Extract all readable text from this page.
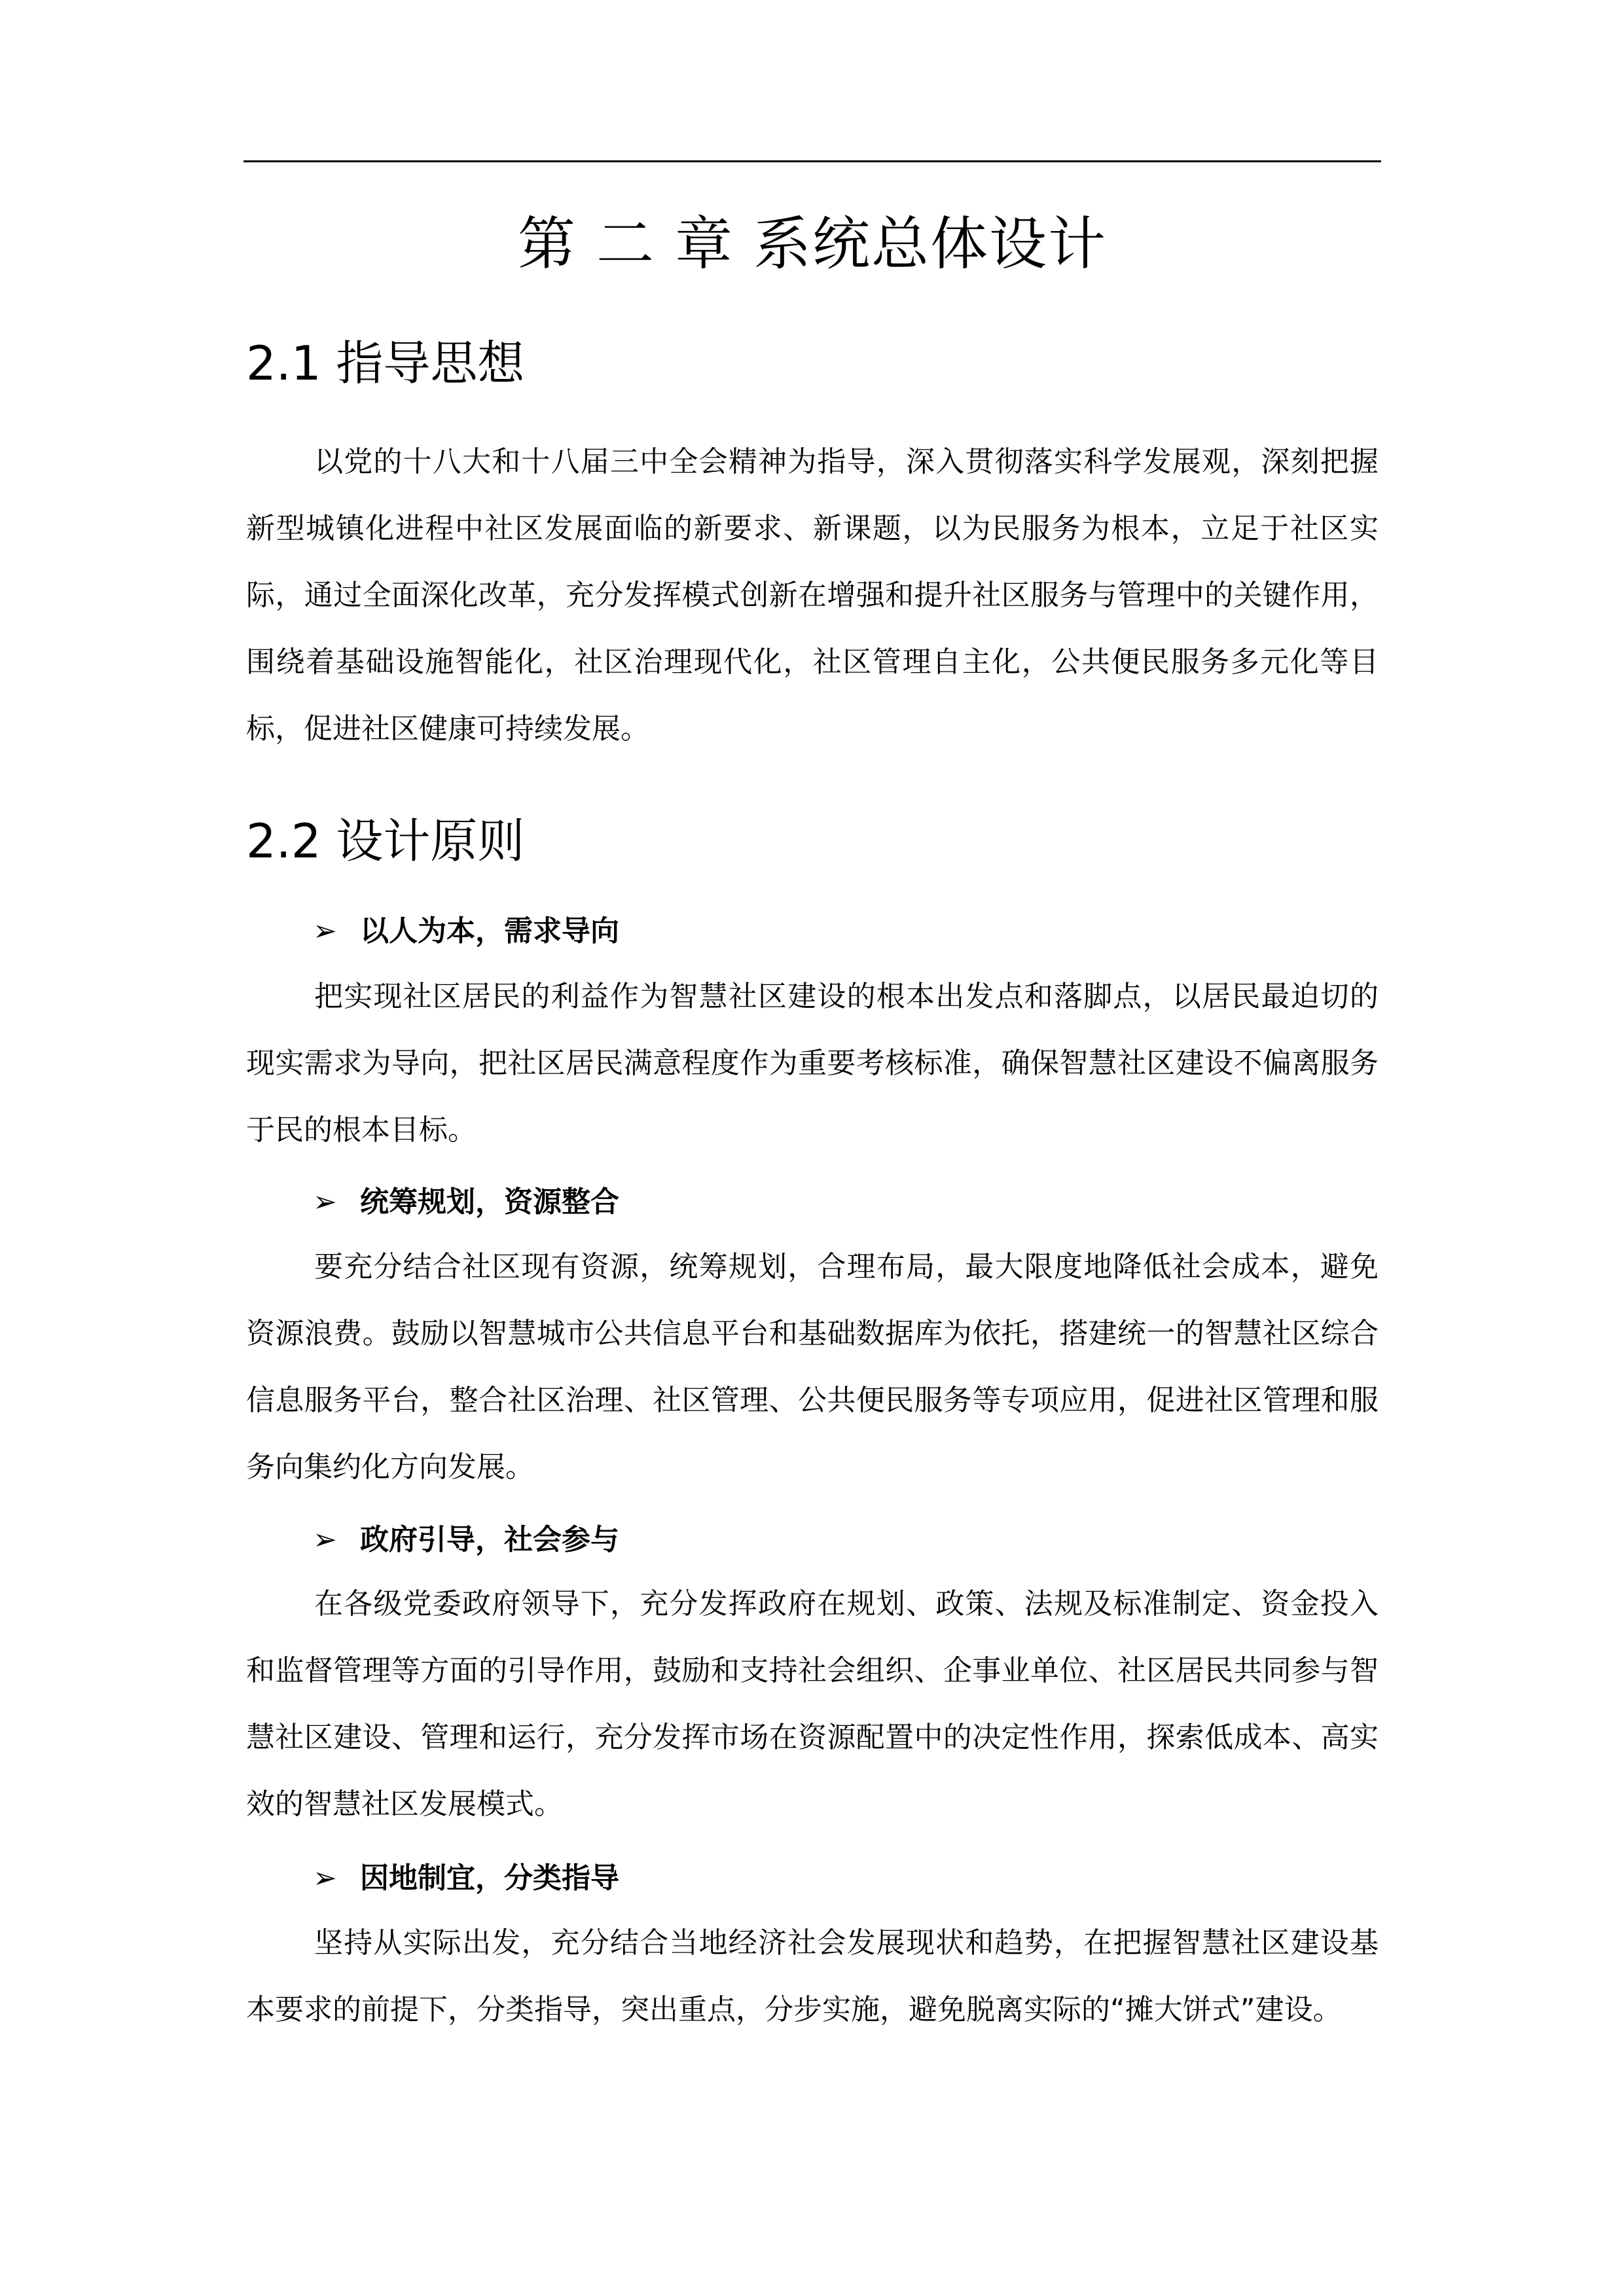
第 二 章 系统总体设计
2.1 指导思想

以党的十八大和十八届三中全会精神为指导，深入贯彻落实科学发展观，深刻把握新型城镇化进程中社区发展面临的新要求、新课题，以为民服务为根本，立足于社区实际，通过全面深化改革，充分发挥模式创新在增强和提升社区服务与管理中的关键作用，围绕着基础设施智能化，社区治理现代化，社区管理自主化，公共便民服务多元化等目标，促进社区健康可持续发展。

2.2 设计原则
➢ 以人为本，需求导向

把实现社区居民的利益作为智慧社区建设的根本出发点和落脚点，以居民最迫切的现实需求为导向，把社区居民满意程度作为重要考核标准，确保智慧社区建设不偏离服务于民的根本目标。

➢ 统筹规划，资源整合

要充分结合社区现有资源，统筹规划，合理布局，最大限度地降低社会成本，避免资源浪费。鼓励以智慧城市公共信息平台和基础数据库为依托，搭建统一的智慧社区综合信息服务平台，整合社区治理、社区管理、公共便民服务等专项应用，促进社区管理和服务向集约化方向发展。

➢ 政府引导，社会参与

在各级党委政府领导下，充分发挥政府在规划、政策、法规及标准制定、资金投入和监督管理等方面的引导作用，鼓励和支持社会组织、企事业单位、社区居民共同参与智慧社区建设、管理和运行，充分发挥市场在资源配置中的决定性作用，探索低成本、高实效的智慧社区发展模式。

➢ 因地制宜，分类指导

坚持从实际出发，充分结合当地经济社会发展现状和趋势，在把握智慧社区建设基本要求的前提下，分类指导，突出重点，分步实施，避免脱离实际的“摊大饼式”建设。
